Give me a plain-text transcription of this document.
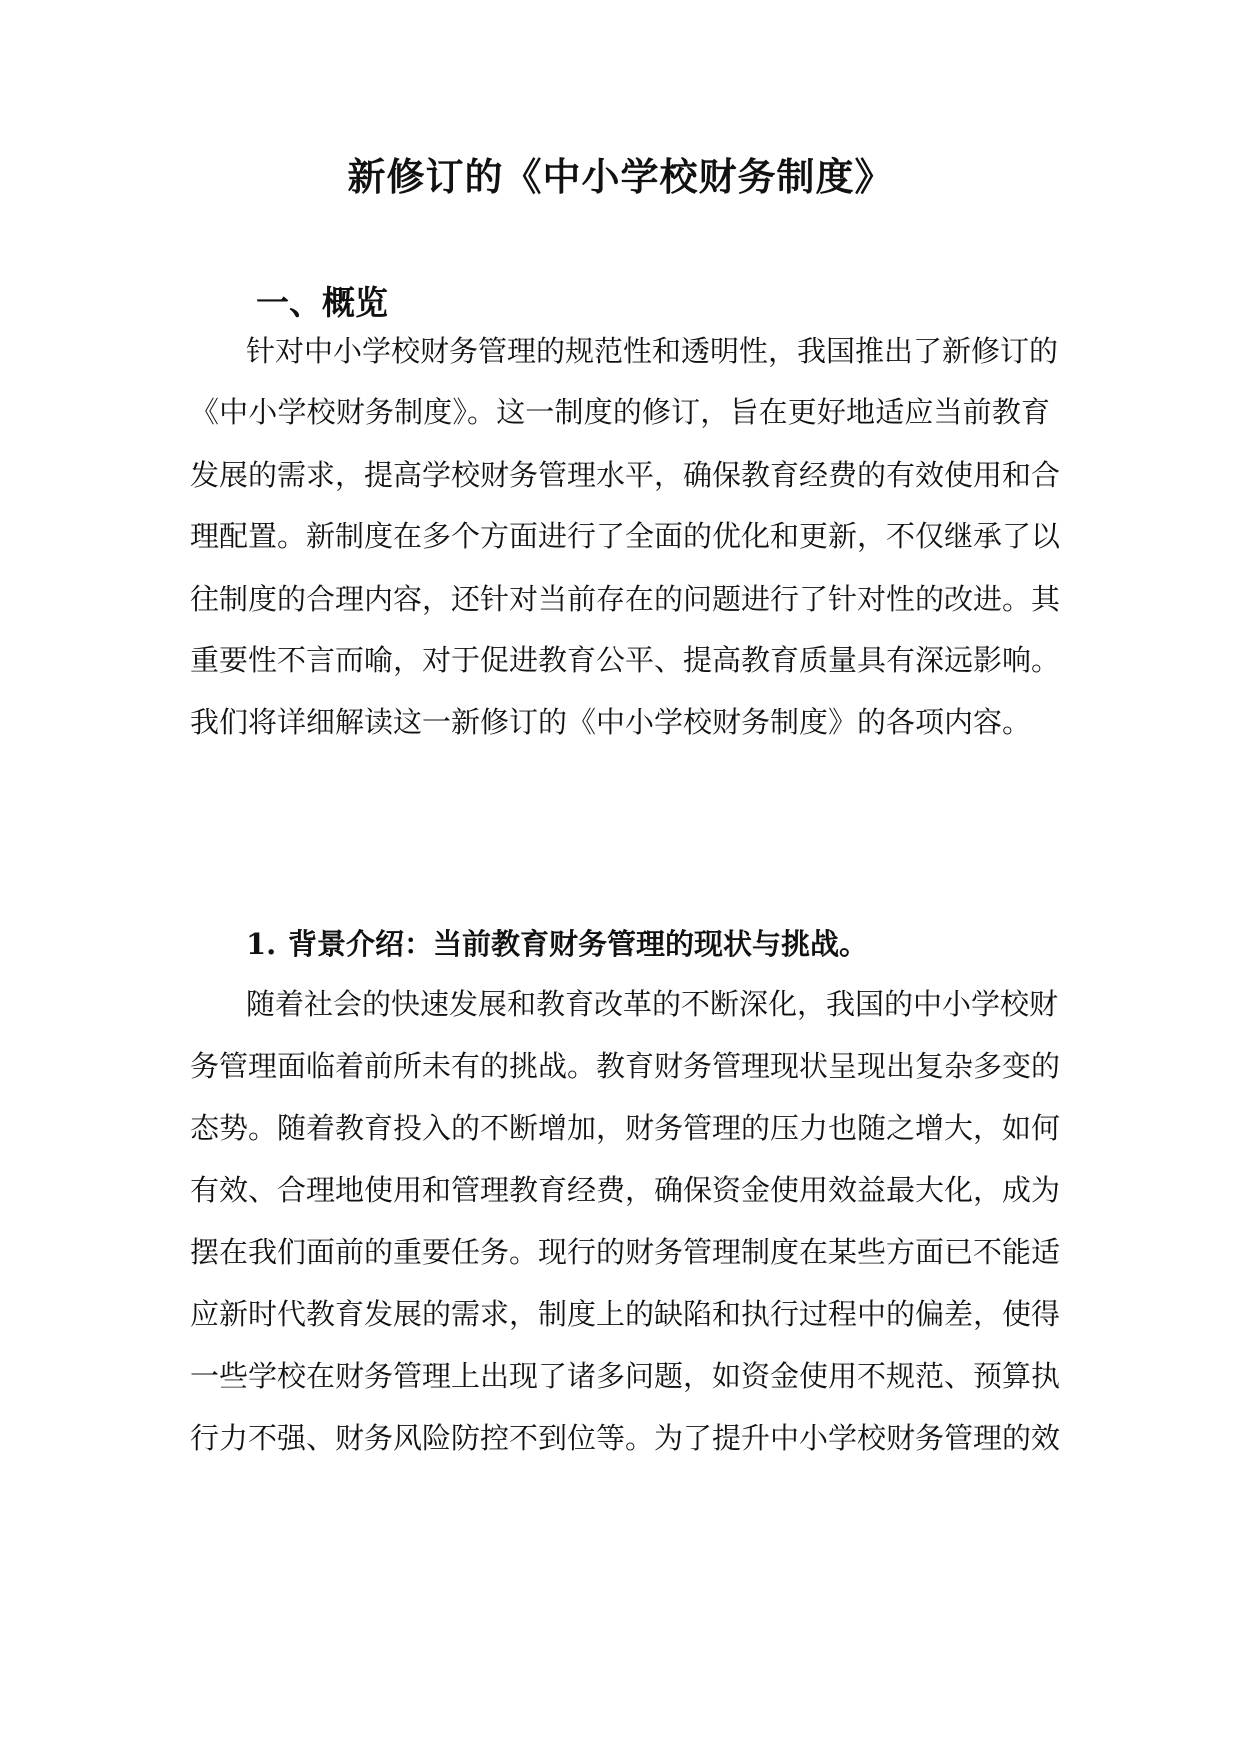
新修订的《中小学校财务制度》
一、概览

针对中小学校财务管理的规范性和透明性，我国推出了新修订的

《中小学校财务制度》。这一制度的修订，旨在更好地适应当前教育

发展的需求，提高学校财务管理水平，确保教育经费的有效使用和合

理配置。新制度在多个方面进行了全面的优化和更新，不仅继承了以

往制度的合理内容，还针对当前存在的问题进行了针对性的改进。其

重要性不言而喻，对于促进教育公平、提高教育质量具有深远影响。

我们将详细解读这一新修订的《中小学校财务制度》的各项内容。

1. 背景介绍：当前教育财务管理的现状与挑战。

随着社会的快速发展和教育改革的不断深化，我国的中小学校财

务管理面临着前所未有的挑战。教育财务管理现状呈现出复杂多变的

态势。随着教育投入的不断增加，财务管理的压力也随之增大，如何

有效、合理地使用和管理教育经费，确保资金使用效益最大化，成为

摆在我们面前的重要任务。现行的财务管理制度在某些方面已不能适

应新时代教育发展的需求，制度上的缺陷和执行过程中的偏差，使得

一些学校在财务管理上出现了诸多问题，如资金使用不规范、预算执

行力不强、财务风险防控不到位等。为了提升中小学校财务管理的效
